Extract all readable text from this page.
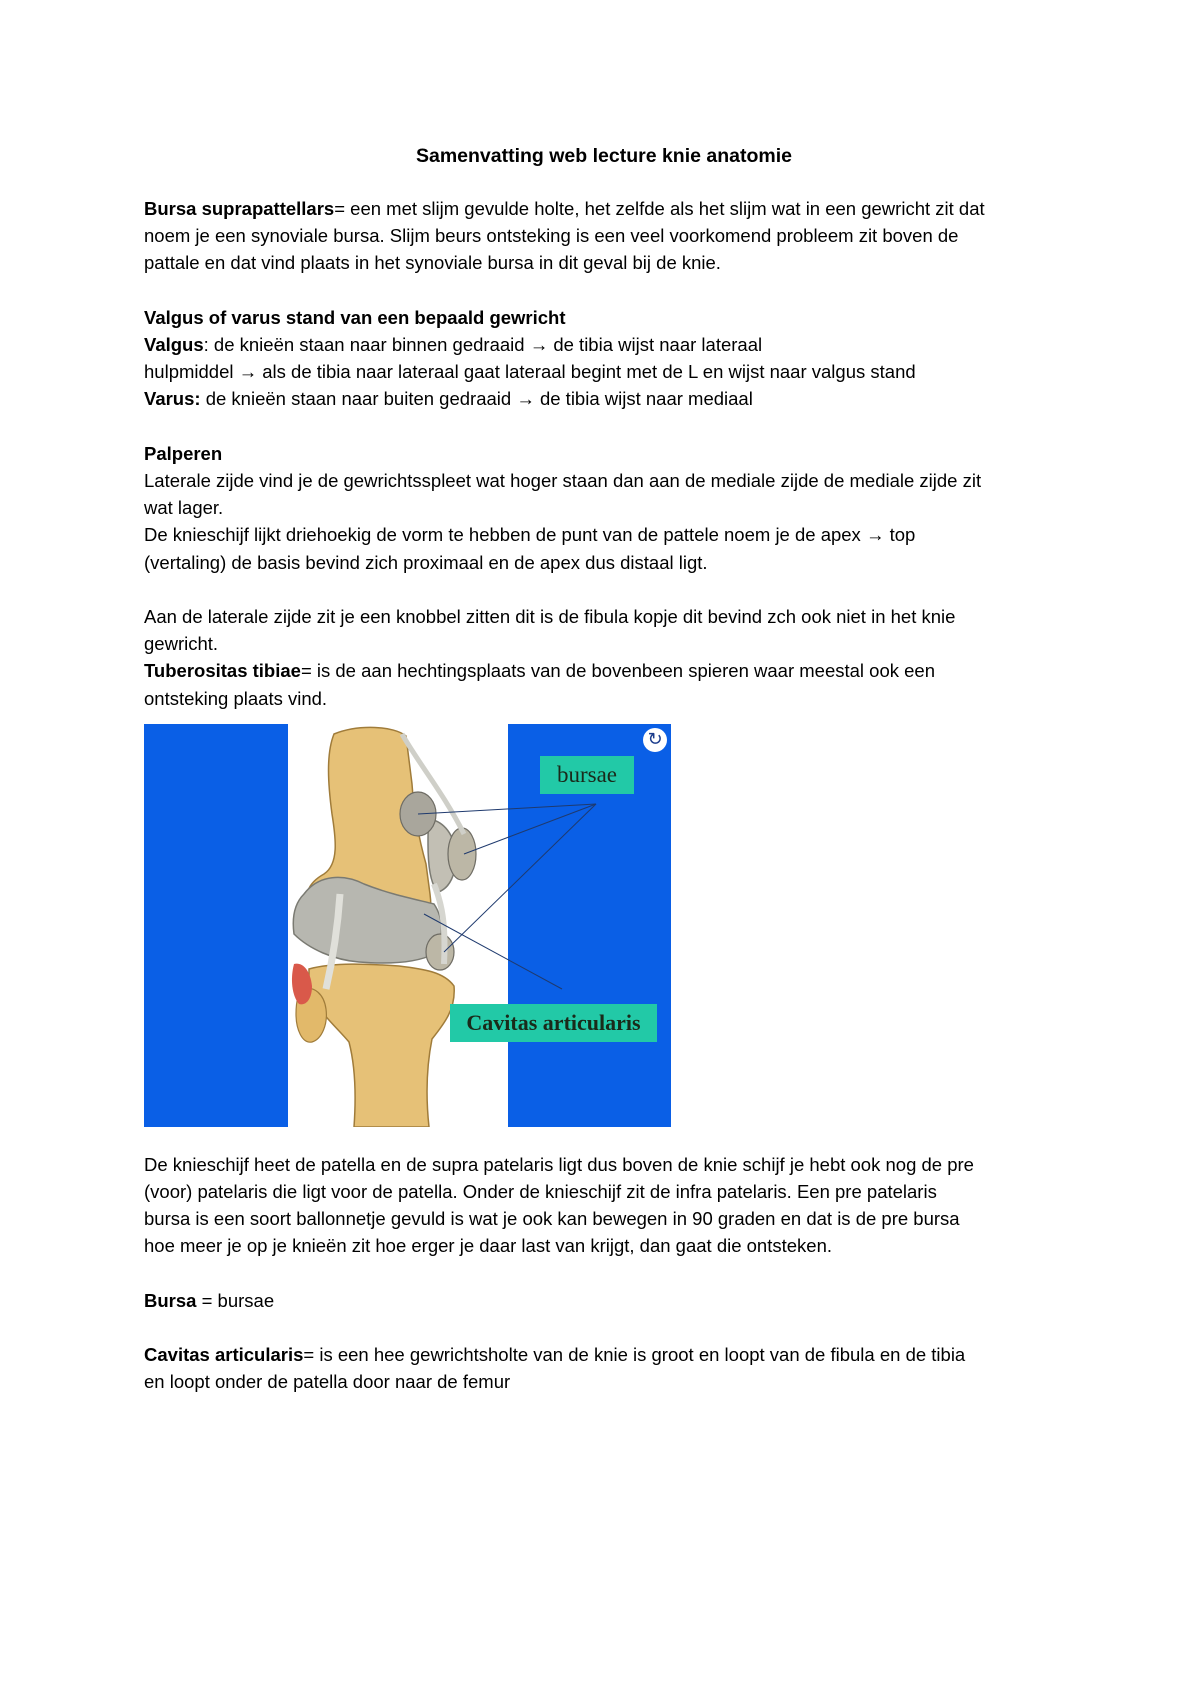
Samenvatting web lecture knie anatomie

Bursa suprapattellars= een met slijm gevulde holte, het zelfde als het slijm wat in een gewricht zit dat

noem je een synoviale bursa. Slijm beurs ontsteking is een veel voorkomend probleem zit boven de

pattale en dat vind plaats in het synoviale bursa in dit geval bij de knie.

Valgus of varus stand van een bepaald gewricht

Valgus: de knieën staan naar binnen gedraaid → de tibia wijst naar lateraal

hulpmiddel → als de tibia naar lateraal gaat lateraal begint met de L en wijst naar valgus stand

Varus: de knieën staan naar buiten gedraaid → de tibia wijst naar mediaal

Palperen

Laterale zijde vind je de gewrichtsspleet wat hoger staan dan aan de mediale zijde de mediale zijde zit

wat lager.

De knieschijf lijkt driehoekig de vorm te hebben de punt van de pattele noem je de apex → top

(vertaling) de basis bevind zich proximaal en de apex dus distaal ligt.

Aan de laterale zijde zit je een knobbel zitten dit is de fibula kopje dit bevind zch ook niet in het knie

gewricht.

Tuberositas tibiae= is de aan hechtingsplaats van de bovenbeen spieren waar meestal ook een

ontsteking plaats vind.

bursae
Cavitas articularis
↻

De knieschijf heet de patella en de supra patelaris ligt dus boven de knie schijf je hebt ook nog de pre

(voor) patelaris die ligt voor de patella. Onder de knieschijf zit de infra patelaris. Een pre patelaris

bursa is een soort ballonnetje gevuld is wat je ook kan bewegen in 90 graden en dat is de pre bursa

hoe meer je op je knieën zit hoe erger je daar last van krijgt, dan gaat die ontsteken.

Bursa = bursae

Cavitas articularis= is een hee gewrichtsholte van de knie is groot en loopt van de fibula en de tibia

en loopt onder de patella door naar de femur
